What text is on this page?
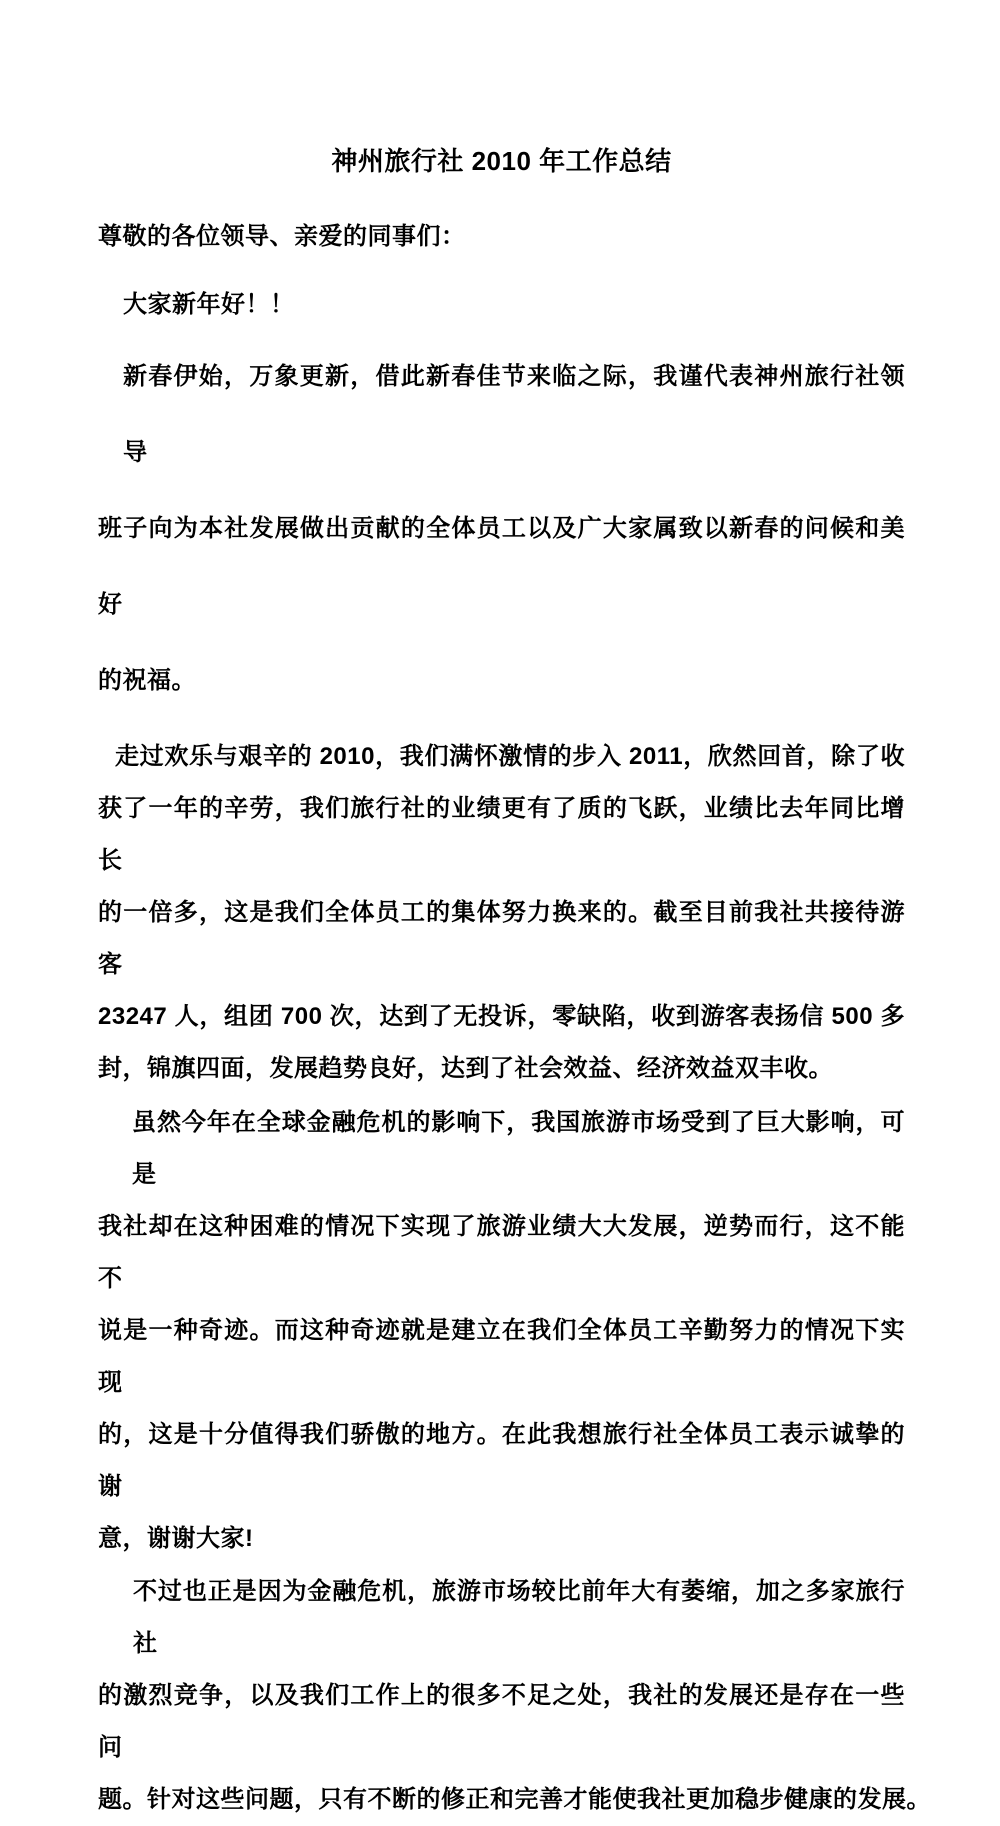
神州旅行社 2010 年工作总结
尊敬的各位领导、亲爱的同事们：
大家新年好！！
新春伊始，万象更新，借此新春佳节来临之际，我谨代表神州旅行社领导
班子向为本社发展做出贡献的全体员工以及广大家属致以新春的问候和美好
的祝福。
走过欢乐与艰辛的 2010，我们满怀激情的步入 2011，欣然回首，除了收
获了一年的辛劳，我们旅行社的业绩更有了质的飞跃，业绩比去年同比增长
的一倍多，这是我们全体员工的集体努力换来的。截至目前我社共接待游客
23247 人，组团 700 次，达到了无投诉，零缺陷，收到游客表扬信 500 多
封，锦旗四面，发展趋势良好，达到了社会效益、经济效益双丰收。
虽然今年在全球金融危机的影响下，我国旅游市场受到了巨大影响，可是
我社却在这种困难的情况下实现了旅游业绩大大发展，逆势而行，这不能不
说是一种奇迹。而这种奇迹就是建立在我们全体员工辛勤努力的情况下实现
的，这是十分值得我们骄傲的地方。在此我想旅行社全体员工表示诚挚的谢
意，谢谢大家!
不过也正是因为金融危机，旅游市场较比前年大有萎缩，加之多家旅行社
的激烈竞争，以及我们工作上的很多不足之处，我社的发展还是存在一些问
题。针对这些问题，只有不断的修正和完善才能使我社更加稳步健康的发展。
